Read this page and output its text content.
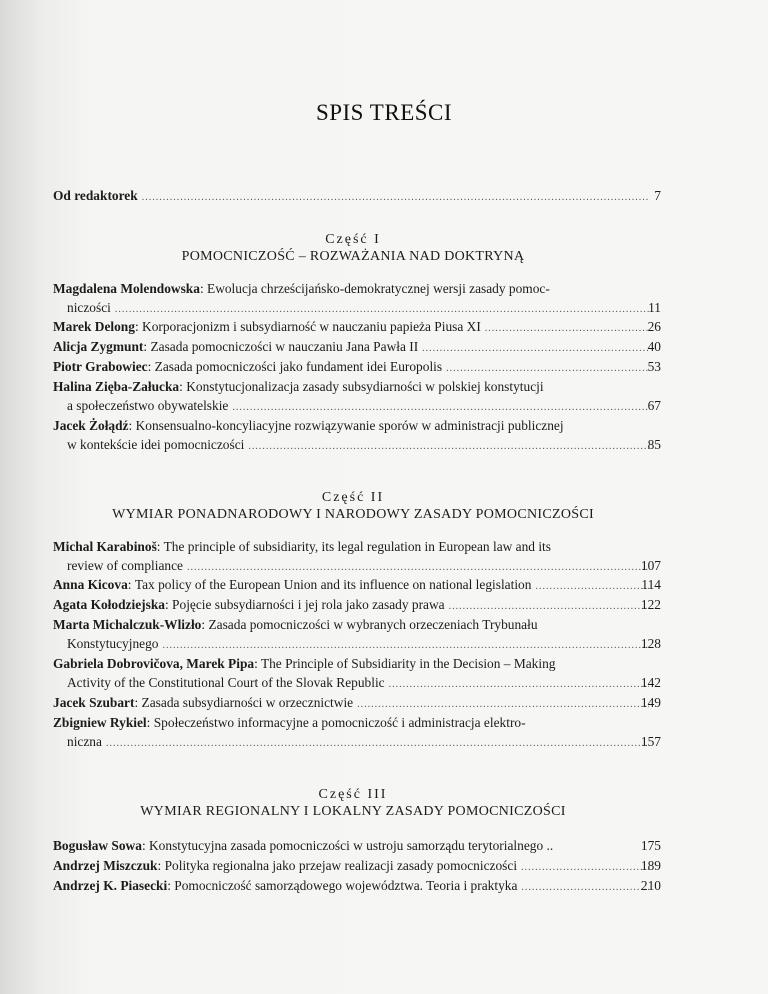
SPIS TREŚCI
Od redaktorek .....	7
Część I
POMOCNICZOŚĆ – ROZWAŻANIA NAD DOKTRYNĄ
Magdalena Molendowska: Ewolucja chrześcijańsko-demokratycznej wersji zasady pomoc-
niczości .....	11
Marek Delong : Korporacjonizm i subsydiarność w nauczaniu papieża Piusa XI .....	26
Alicja Zygmunt : Zasada pomocniczości w nauczaniu Jana Pawła II .....	40
Piotr Grabowiec : Zasada pomocniczości jako fundament idei Europolis .....	53
Halina Zięba-Załucka: Konstytucjonalizacja zasady subsydiarności w polskiej konstytucji
a społeczeństwo obywatelskie .....	67
Jacek Żołądź: Konsensualno-koncyliacyjne rozwiązywanie sporów w administracji publicznej
w kontekście idei pomocniczości .....	85
Część II
WYMIAR PONADNARODOWY I NARODOWY ZASADY POMOCNICZOŚCI
Michal Karabinoš: The principle of subsidiarity, its legal regulation in European law and its
review of compliance .....	107
Anna Kicova : Tax policy of the European Union and its influence on national legislation .....	114
Agata Kołodziejska : Pojęcie subsydiarności i jej rola jako zasady prawa .....	122
Marta Michalczuk-Wlizło: Zasada pomocniczości w wybranych orzeczeniach Trybunału
Konstytucyjnego .....	128
Gabriela Dobrovičova, Marek Pipa: The Principle of Subsidiarity in the Decision – Making
Activity of the Constitutional Court of the Slovak Republic .....	142
Jacek Szubart : Zasada subsydiarności w orzecznictwie .....	149
Zbigniew Rykiel: Społeczeństwo informacyjne a pomocniczość i administracja elektro-
niczna .....	157
Część III
WYMIAR REGIONALNY I LOKALNY ZASADY POMOCNICZOŚCI
Bogusław Sowa : Konstytucyjna zasada pomocniczości w ustroju samorządu terytorialnego ..	175
Andrzej Miszczuk : Polityka regionalna jako przejaw realizacji zasady pomocniczości .....	189
Andrzej K. Piasecki : Pomocniczość samorządowego województwa. Teoria i praktyka .....	210
